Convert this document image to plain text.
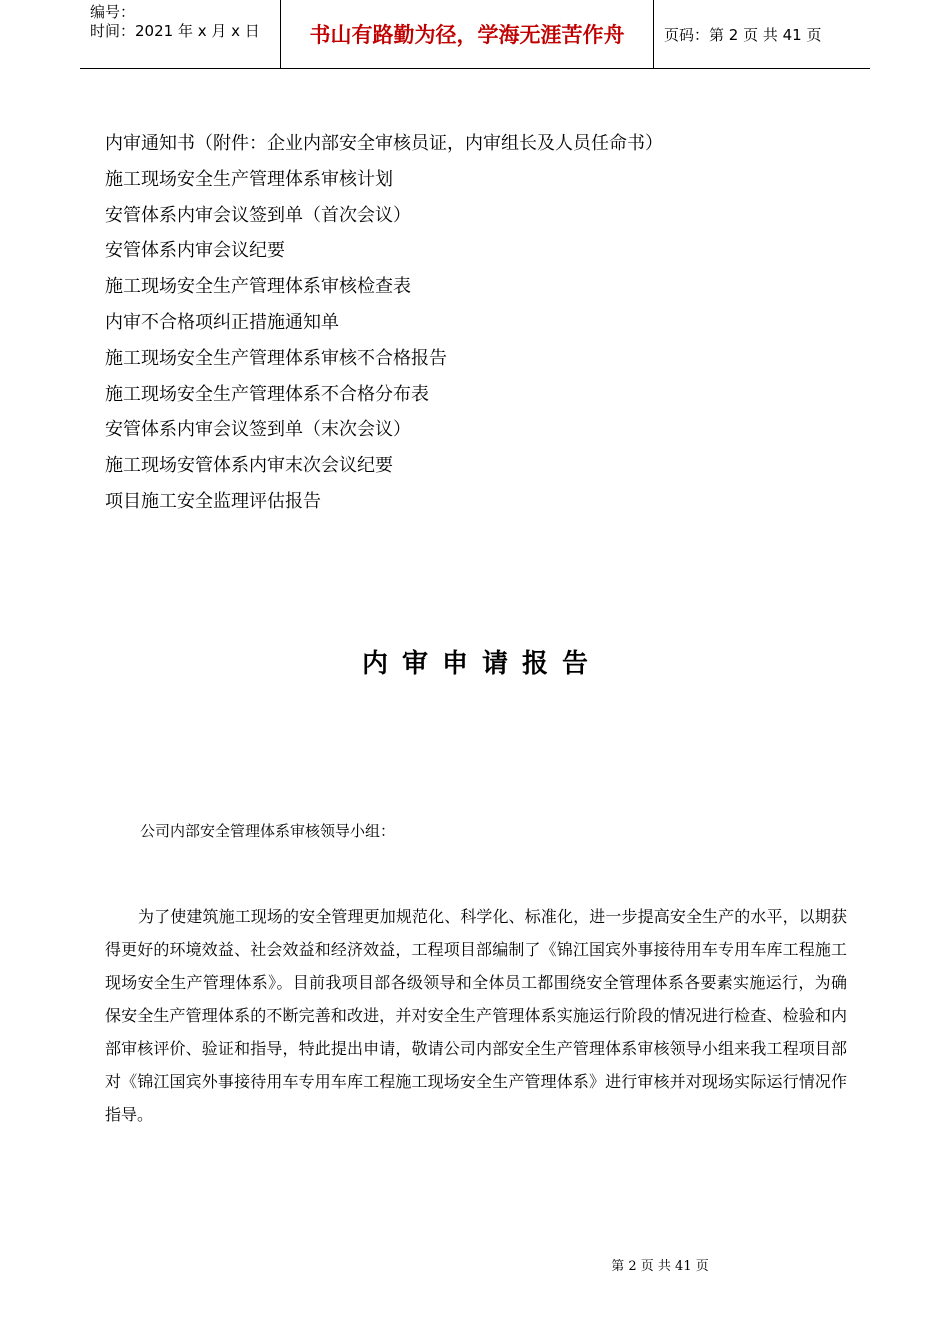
编号：
时间：2021 年 x 月 x 日	书山有路勤为径，学海无涯苦作舟	页码：第 2 页 共 41 页
内审通知书（附件：企业内部安全审核员证，内审组长及人员任命书）
施工现场安全生产管理体系审核计划
安管体系内审会议签到单（首次会议）
安管体系内审会议纪要
施工现场安全生产管理体系审核检查表
内审不合格项纠正措施通知单
施工现场安全生产管理体系审核不合格报告
施工现场安全生产管理体系不合格分布表
安管体系内审会议签到单（末次会议）
施工现场安管体系内审末次会议纪要
项目施工安全监理评估报告
内审申请报告
公司内部安全管理体系审核领导小组：

为了使建筑施工现场的安全管理更加规范化、科学化、标准化，进一步提高安全生产的水平，以期获得更好的环境效益、社会效益和经济效益，工程项目部编制了《锦江国宾外事接待用车专用车库工程施工现场安全生产管理体系》。目前我项目部各级领导和全体员工都围绕安全管理体系各要素实施运行，为确保安全生产管理体系的不断完善和改进，并对安全生产管理体系实施运行阶段的情况进行检查、检验和内部审核评价、验证和指导，特此提出申请，敬请公司内部安全生产管理体系审核领导小组来我工程项目部对《锦江国宾外事接待用车专用车库工程施工现场安全生产管理体系》进行审核并对现场实际运行情况作指导。

第 2 页 共 41 页
